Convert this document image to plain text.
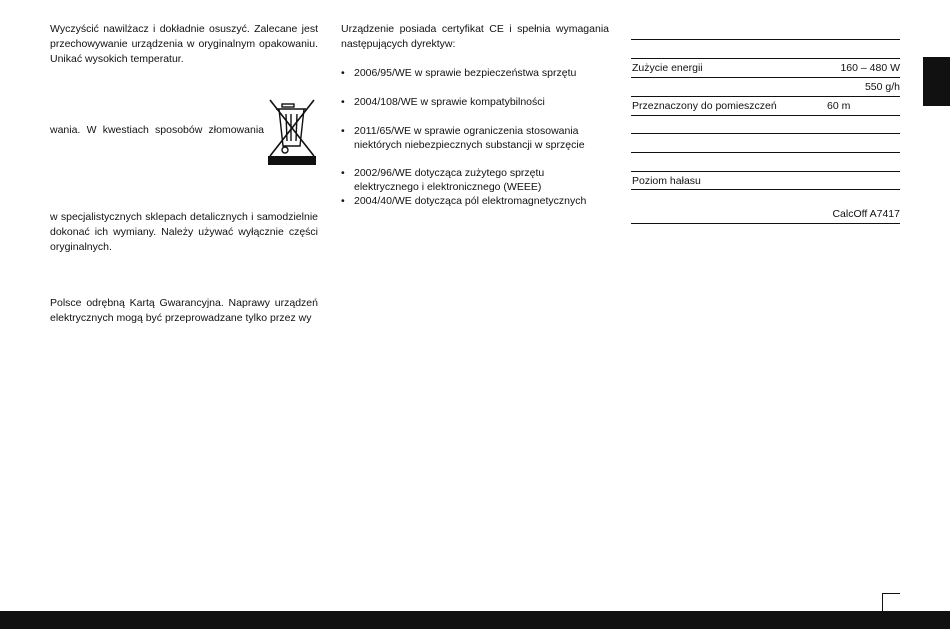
Wyczyścić nawilżacz i dokładnie osuszyć. Zalecane jest przechowywanie urządzenia w oryginalnym opakowaniu. Unikać wysokich temperatur.
wania. W kwestiach sposobów złomowania
w specjalistycznych sklepach detalicznych i samodzielnie dokonać ich wymiany. Należy używać wyłącznie części oryginalnych.
Polsce odrębną Kartą Gwarancyjna. Naprawy urządzeń elektrycznych mogą być przeprowadzane tylko przez wy

Urządzenie posiada certyfikat CE i spełnia wymagania następujących dyrektyw:

• 2006/95/WE w sprawie bezpieczeństwa sprzętu
• 2004/108/WE w sprawie kompatybilności
• 2011/65/WE w sprawie ograniczenia stosowania niektórych niebezpiecznych substancji w sprzęcie
• 2002/96/WE dotycząca zużytego sprzętu elektrycznego i elektronicznego (WEEE)
• 2004/40/WE dotycząca pól elektromagnetycznych
Zużycie energii	160 – 480 W
550 g/h
Przeznaczony do pomieszczeń	60 m
Poziom hałasu
CalcOff A7417
